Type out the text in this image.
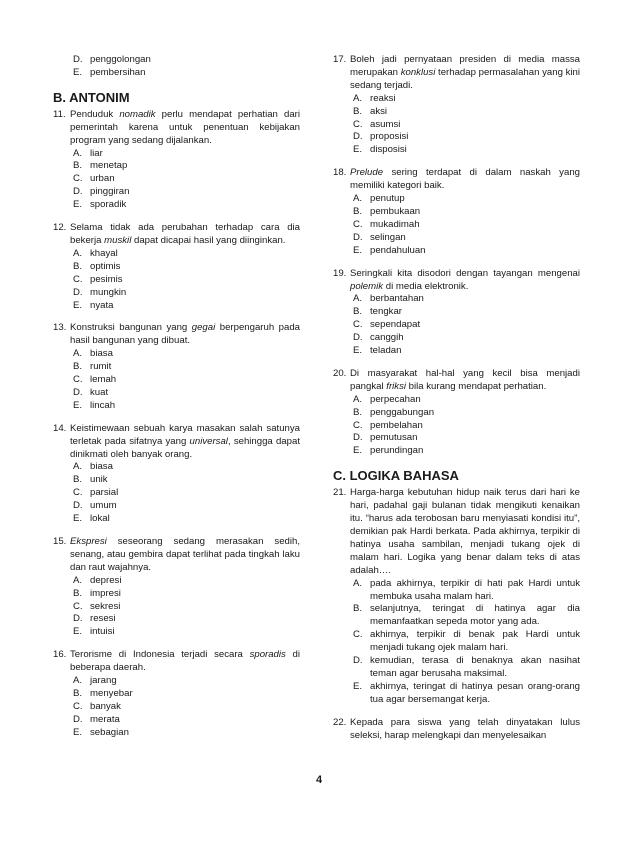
D. penggolongan
E. pembersihan
B. ANTONIM
11. Penduduk nomadik perlu mendapat perhatian dari pemerintah karena untuk penentuan kebijakan program yang sedang dijalankan.
A. liar
B. menetap
C. urban
D. pinggiran
E. sporadik
12. Selama tidak ada perubahan terhadap cara dia bekerja muskil dapat dicapai hasil yang diinginkan.
A. khayal
B. optimis
C. pesimis
D. mungkin
E. nyata
13. Konstruksi bangunan yang gegai berpengaruh pada hasil bangunan yang dibuat.
A. biasa
B. rumit
C. lemah
D. kuat
E. lincah
14. Keistimewaan sebuah karya masakan salah satunya terletak pada sifatnya yang universal, sehingga dapat dinikmati oleh banyak orang.
A. biasa
B. unik
C. parsial
D. umum
E. lokal
15. Ekspresi seseorang sedang merasakan sedih, senang, atau gembira dapat terlihat pada tingkah laku dan raut wajahnya.
A. depresi
B. impresi
C. sekresi
D. resesi
E. intuisi
16. Terorisme di Indonesia terjadi secara sporadis di beberapa daerah.
A. jarang
B. menyebar
C. banyak
D. merata
E. sebagian
17. Boleh jadi pernyataan presiden di media massa merupakan konklusi terhadap permasalahan yang kini sedang terjadi.
A. reaksi
B. aksi
C. asumsi
D. proposisi
E. disposisi
18. Prelude sering terdapat di dalam naskah yang memiliki kategori baik.
A. penutup
B. pembukaan
C. mukadimah
D. selingan
E. pendahuluan
19. Seringkali kita disodori dengan tayangan mengenai polemik di media elektronik.
A. berbantahan
B. tengkar
C. sependapat
D. canggih
E. teladan
20. Di masyarakat hal-hal yang kecil bisa menjadi pangkal friksi bila kurang mendapat perhatian.
A. perpecahan
B. penggabungan
C. pembelahan
D. pemutusan
E. perundingan
C. LOGIKA BAHASA
21. Harga-harga kebutuhan hidup naik terus dari hari ke hari, padahal gaji bulanan tidak mengikuti kenaikan itu. “harus ada terobosan baru menyiasati kondisi itu”, demikian pak Hardi berkata. Pada akhirnya, terpikir di hatinya usaha sambilan, menjadi tukang ojek di malam hari. Logika yang benar dalam teks di atas adalah….
A. pada akhirnya, terpikir di hati pak Hardi untuk membuka usaha malam hari.
B. selanjutnya, teringat di hatinya agar dia memanfaatkan sepeda motor yang ada.
C. akhirnya, terpikir di benak pak Hardi untuk menjadi tukang ojek malam hari.
D. kemudian, terasa di benaknya akan nasihat teman agar berusaha maksimal.
E. akhirnya, teringat di hatinya pesan orang-orang tua agar bersemangat kerja.
22. Kepada para siswa yang telah dinyatakan lulus seleksi, harap melengkapi dan menyelesaikan
4
